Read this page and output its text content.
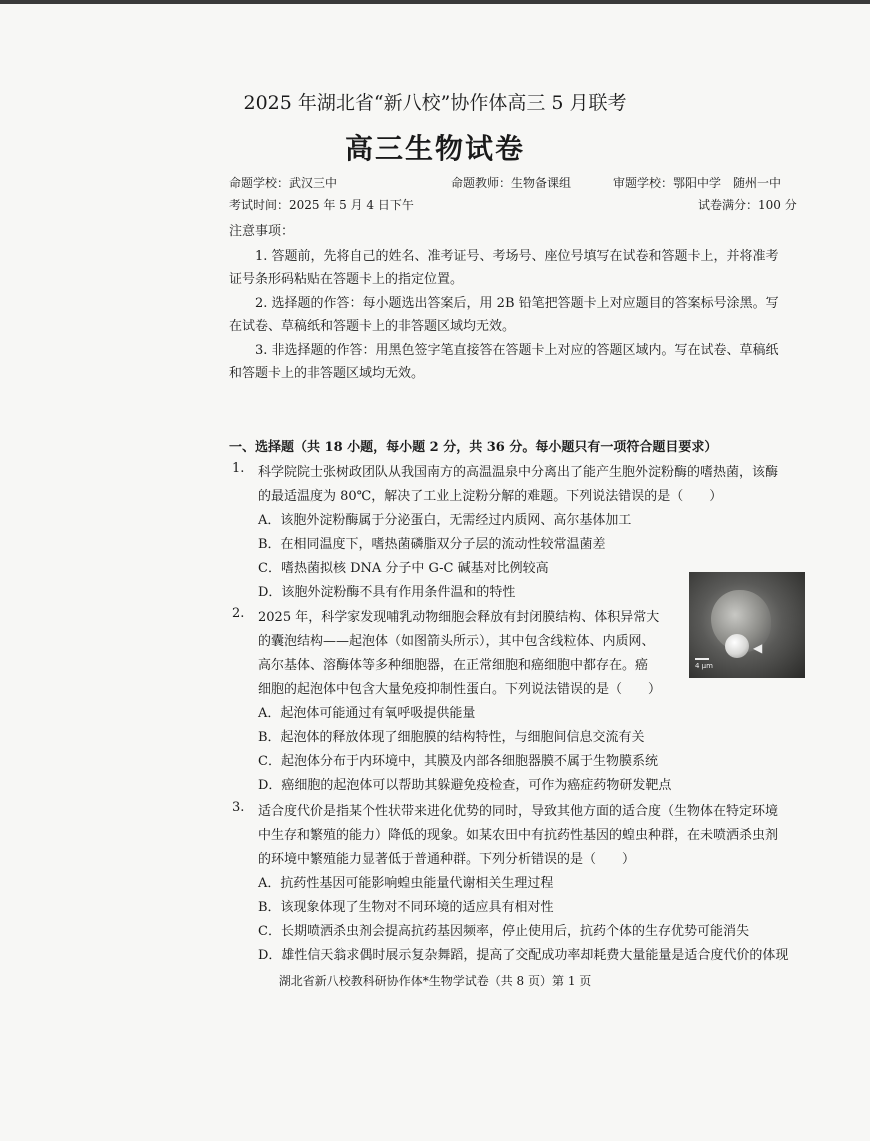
2025 年湖北省“新八校”协作体高三 5 月联考
高三生物试卷
命题学校：武汉三中	命题教师：生物备课组	审题学校：鄂阳中学　随州一中
考试时间：2025 年 5 月 4 日下午	试卷满分：100 分
注意事项：
1. 答题前，先将自己的姓名、准考证号、考场号、座位号填写在试卷和答题卡上，并将准考
证号条形码粘贴在答题卡上的指定位置。
2. 选择题的作答：每小题选出答案后，用 2B 铅笔把答题卡上对应题目的答案标号涂黑。写
在试卷、草稿纸和答题卡上的非答题区域均无效。
3. 非选择题的作答：用黑色签字笔直接答在答题卡上对应的答题区域内。写在试卷、草稿纸
和答题卡上的非答题区域均无效。
一、选择题（共 18 小题，每小题 2 分，共 36 分。每小题只有一项符合题目要求）
1. 科学院院士张树政团队从我国南方的高温温泉中分离出了能产生胞外淀粉酶的嗜热菌，该酶
的最适温度为 80℃，解决了工业上淀粉分解的难题。下列说法错误的是（　　）
A．该胞外淀粉酶属于分泌蛋白，无需经过内质网、高尔基体加工
B．在相同温度下，嗜热菌磷脂双分子层的流动性较常温菌差
C．嗜热菌拟核 DNA 分子中 G-C 碱基对比例较高
D．该胞外淀粉酶不具有作用条件温和的特性
2. 2025 年，科学家发现哺乳动物细胞会释放有封闭膜结构、体积异常大
的囊泡结构——起泡体（如图箭头所示），其中包含线粒体、内质网、
高尔基体、溶酶体等多种细胞器，在正常细胞和癌细胞中都存在。癌
细胞的起泡体中包含大量免疫抑制性蛋白。下列说法错误的是（　　）
◀
4 μm
A．起泡体可能通过有氧呼吸提供能量
B．起泡体的释放体现了细胞膜的结构特性，与细胞间信息交流有关
C．起泡体分布于内环境中，其膜及内部各细胞器膜不属于生物膜系统
D．癌细胞的起泡体可以帮助其躲避免疫检查，可作为癌症药物研发靶点
3. 适合度代价是指某个性状带来进化优势的同时，导致其他方面的适合度（生物体在特定环境
中生存和繁殖的能力）降低的现象。如某农田中有抗药性基因的蝗虫种群，在未喷洒杀虫剂
的环境中繁殖能力显著低于普通种群。下列分析错误的是（　　）
A．抗药性基因可能影响蝗虫能量代谢相关生理过程
B．该现象体现了生物对不同环境的适应具有相对性
C．长期喷洒杀虫剂会提高抗药基因频率，停止使用后，抗药个体的生存优势可能消失
D．雄性信天翁求偶时展示复杂舞蹈，提高了交配成功率却耗费大量能量是适合度代价的体现
湖北省新八校教科研协作体*生物学试卷（共 8 页）第 1 页
